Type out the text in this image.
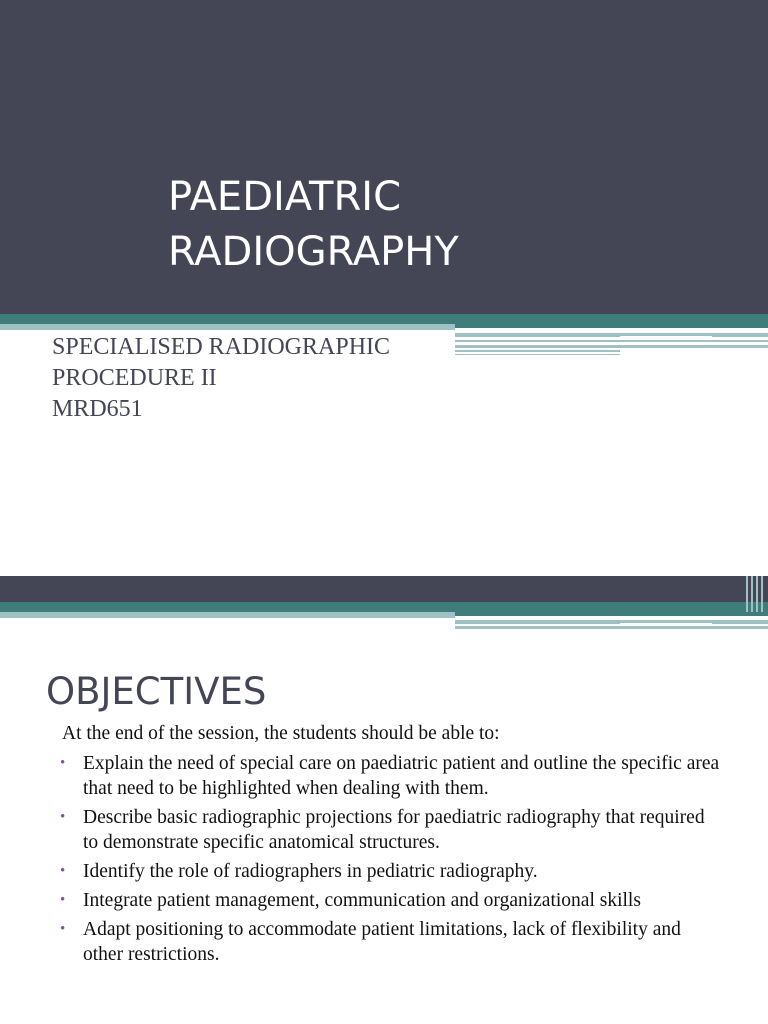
PAEDIATRIC
RADIOGRAPHY
SPECIALISED RADIOGRAPHIC
PROCEDURE II
MRD651
OBJECTIVES

At the end of the session, the students should be able to:

• Explain the need of special care on paediatric patient and outline the specific area that need to be highlighted when dealing with them.
• Describe basic radiographic projections for paediatric radiography that required to demonstrate specific anatomical structures.
• Identify the role of radiographers in pediatric radiography.
• Integrate patient management, communication and organizational skills
• Adapt positioning to accommodate patient limitations, lack of flexibility and other restrictions.
